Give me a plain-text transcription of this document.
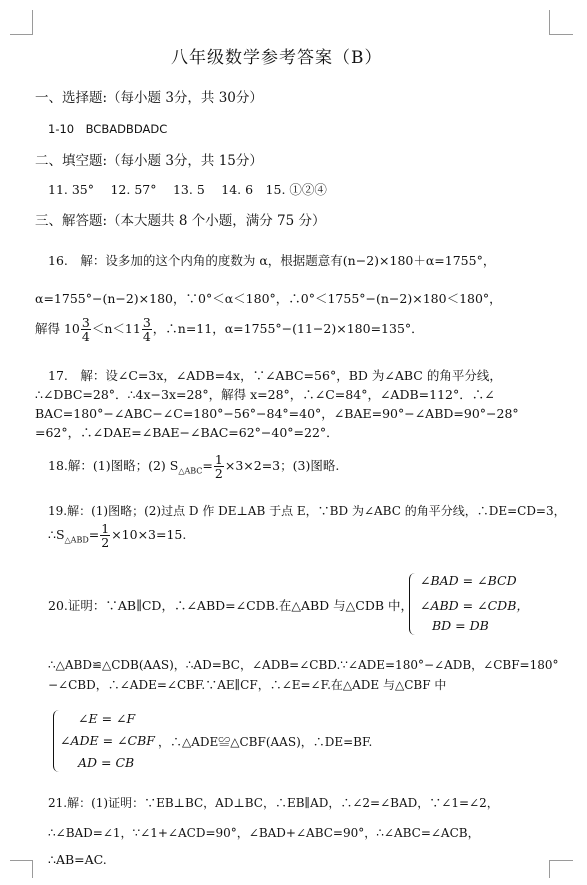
八年级数学参考答案（B）
一、选择题:（每小题 3分，共 30分）
1-10　BCBADBDADC
二、填空题:（每小题 3分，共 15分）
11. 35°　 12. 57°　 13. 5　 14. 6　15. ①②④
三、解答题:（本大题共 8 个小题，满分 75 分）
16.　解：设多加的这个内角的度数为 α，根据题意有(n−2)×180＋α=1755°，
α=1755°−(n−2)×180，∵0°＜α＜180°，∴0°＜1755°−(n−2)×180＜180°，
解得 $10 \frac{3}{4} <n<11 \frac{3}{4}$ ，∴n=11，α=1755°−(11−2)×180=135°．
17.　解：设∠C=3x，∠ADB=4x，∵∠ABC=56°，BD 为∠ABC 的角平分线，
∴∠DBC=28°．∴4x−3x=28°，解得 x=28°，∴∠C=84°，∠ADB=112°．∴∠
BAC=180°−∠ABC−∠C=180°−56°−84°=40°，∠BAE=90°−∠ABD=90°−28°
=62°，∴∠DAE=∠BAE−∠BAC=62°−40°=22°．
18.解：(1)图略；(2) $S_{\triangle ABC}= \frac{1}{2} \times 3\times 2=3$；(3)图略.
19.解：(1)图略；(2)过点 D 作 DE⊥AB 于点 E，∵BD 为∠ABC 的角平分线，∴DE=CD=3，
$\therefore S_{\triangle ABD}= \frac{1}{2} \times 10\times 3=15$.
20.证明：∵AB∥CD，∴∠ABD=∠CDB.在△ABD 与△CDB 中，
∠BAD = ∠BCD
∠ABD = ∠CDB，
BD = DB
∴△ABD≌△CDB(AAS)，∴AD=BC，∠ADB=∠CBD.∵∠ADE=180°−∠ADB，∠CBF=180°
−∠CBD，∴∠ADE=∠CBF.∵AE∥CF，∴∠E=∠F.在△ADE 与△CBF 中
∠E = ∠F
∠ADE = ∠CBF
AD = CB
，∴△ADE≌△CBF(AAS)，∴DE=BF.
21.解：(1)证明：∵EB⊥BC，AD⊥BC，∴EB∥AD，∴∠2=∠BAD，∵∠1=∠2，
∴∠BAD=∠1，∵∠1+∠ACD=90°，∠BAD+∠ABC=90°，∴∠ABC=∠ACB，
∴AB=AC.
